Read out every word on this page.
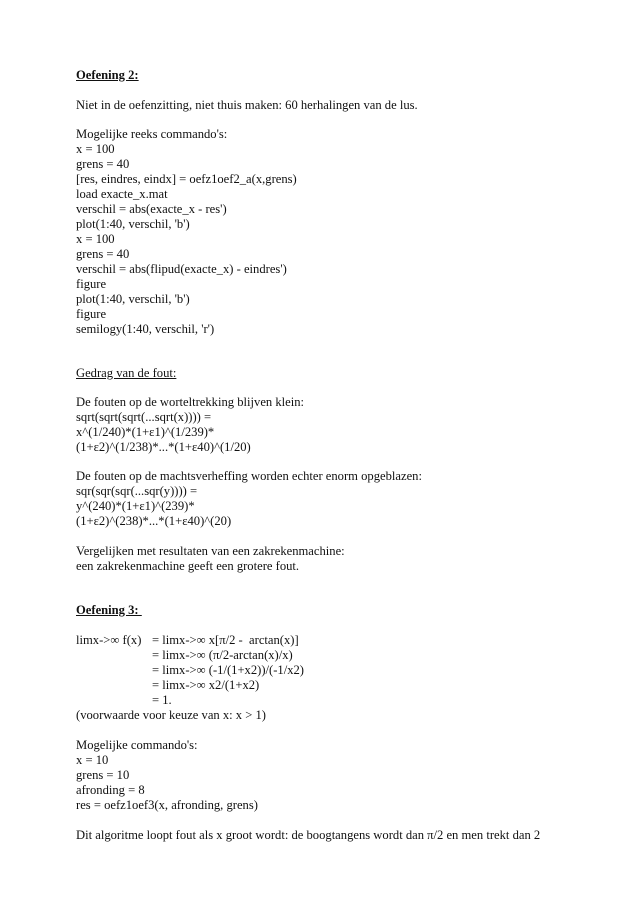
Oefening 2:
Niet in de oefenzitting, niet thuis maken: 60 herhalingen van de lus.
Mogelijke reeks commando's:
x = 100
grens = 40
[res, eindres, eindx] = oefz1oef2_a(x,grens)
load exacte_x.mat
verschil = abs(exacte_x - res')
plot(1:40, verschil, 'b')
x = 100
grens = 40
verschil = abs(flipud(exacte_x) - eindres')
figure
plot(1:40, verschil, 'b')
figure
semilogy(1:40, verschil, 'r')
Gedrag van de fout:
De fouten op de worteltrekking blijven klein:
sqrt(sqrt(sqrt(...sqrt(x)))) =
x^(1/240)*(1+ε1)^(1/239)*
(1+ε2)^(1/238)*...*(1+ε40)^(1/20)
De fouten op de machtsverheffing worden echter enorm opgeblazen:
sqr(sqr(sqr(...sqr(y)))) =
y^(240)*(1+ε1)^(239)*
(1+ε2)^(238)*...*(1+ε40)^(20)
Vergelijken met resultaten van een zakrekenmachine:
een zakrekenmachine geeft een grotere fout.
Oefening 3:
limx->∞ f(x) = limx->∞ x[π/2 -  arctan(x)]
= limx->∞ (π/2-arctan(x)/x)
= limx->∞ (-1/(1+x2))/(-1/x2)
= limx->∞ x2/(1+x2)
= 1.
(voorwaarde voor keuze van x: x > 1)
Mogelijke commando's:
x = 10
grens = 10
afronding = 8
res = oefz1oef3(x, afronding, grens)
Dit algoritme loopt fout als x groot wordt: de boogtangens wordt dan π/2 en men trekt dan 2
